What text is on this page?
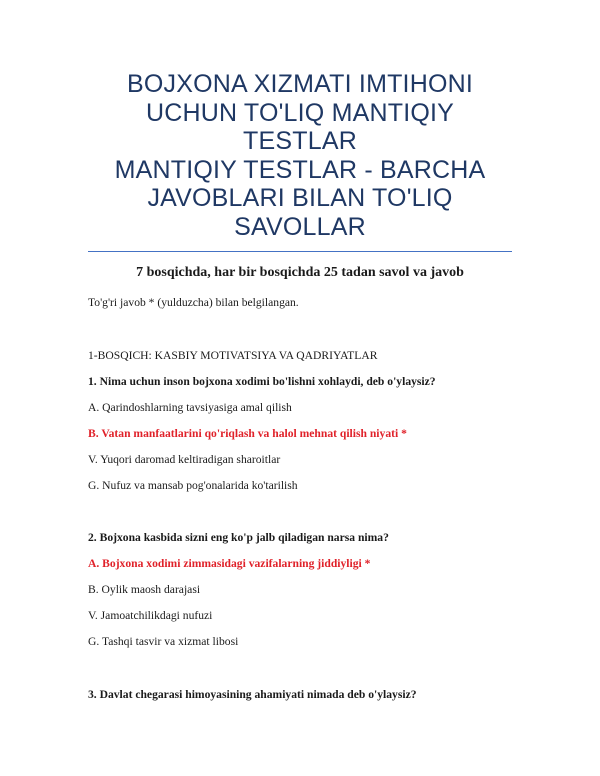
BOJXONA XIZMATI IMTIHONI
UCHUN TO'LIQ MANTIQIY
TESTLAR
MANTIQIY TESTLAR - BARCHA
JAVOBLARI BILAN TO'LIQ
SAVOLLAR
7 bosqichda, har bir bosqichda 25 tadan savol va javob
To'g'ri javob * (yulduzcha) bilan belgilangan.
1-BOSQICH: KASBIY MOTIVATSIYA VA QADRIYATLAR
1. Nima uchun inson bojxona xodimi bo'lishni xohlaydi, deb o'ylaysiz?
A. Qarindoshlarning tavsiyasiga amal qilish
B. Vatan manfaatlarini qo'riqlash va halol mehnat qilish niyati *
V. Yuqori daromad keltiradigan sharoitlar
G. Nufuz va mansab pog'onalarida ko'tarilish
2. Bojxona kasbida sizni eng ko'p jalb qiladigan narsa nima?
A. Bojxona xodimi zimmasidagi vazifalarning jiddiyligi *
B. Oylik maosh darajasi
V. Jamoatchilikdagi nufuzi
G. Tashqi tasvir va xizmat libosi
3. Davlat chegarasi himoyasining ahamiyati nimada deb o'ylaysiz?
